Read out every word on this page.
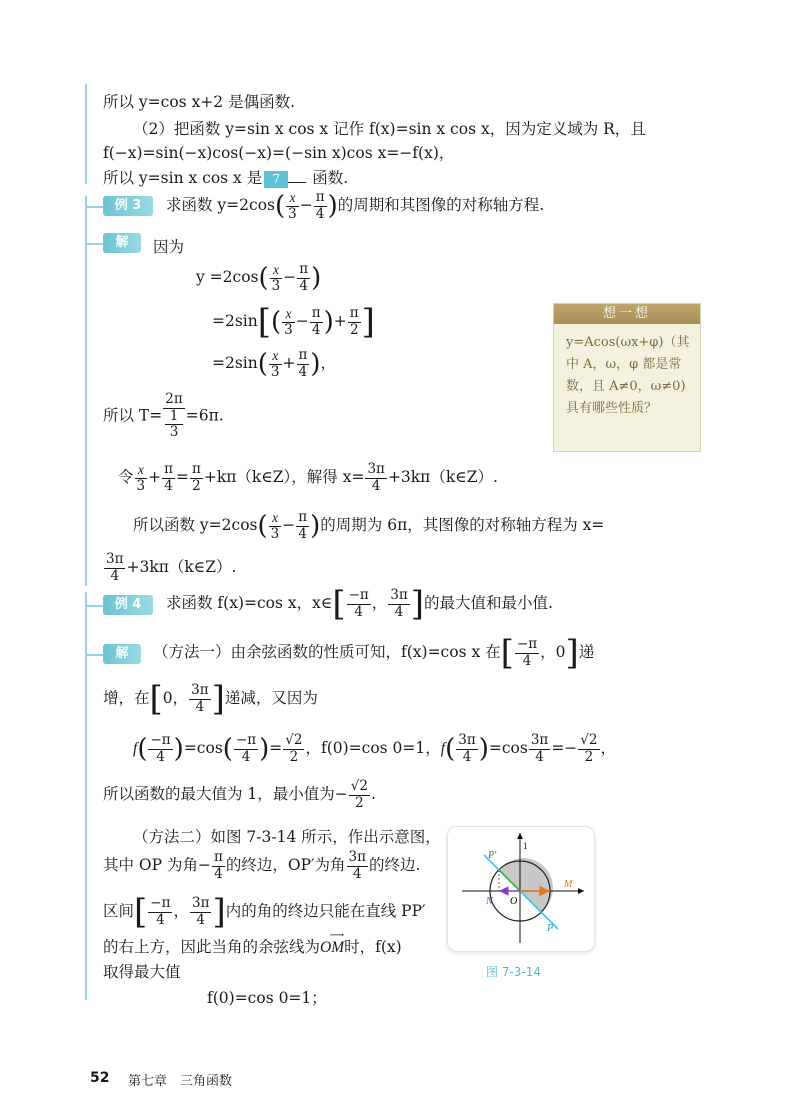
所以 y=cos x+2 是偶函数.
（2）把函数 y=sin x cos x 记作 f(x)=sin x cos x，因为定义域为 R，且
f(−x)=sin(−x)cos(−x)=(−sin x)cos x=−f(x)，
所以 y=sin x cos x 是 7 函数.
例 3	求函数 $y=2\cos( \frac{x}{3} - \frac{\pi}{4}$ )的周期和其图像的对称轴方程.
解	因为
$y =2\cos( \frac{x}{3} - \frac{\pi}{4}$ )
$=2\sin[( \frac{x}{3} - \frac{\pi}{4}$ )+ $\frac{\pi}{2}$ ]
$=2\sin( \frac{x}{3} + \frac{\pi}{4}$ )，
所以 T= 2π
1
3 =6π.
令 $\frac{x}{3} + \frac{\pi}{4} = \frac{\pi}{2}$ +kπ（k∈Z），解得 $x= \frac{3\pi}{4}$ +3kπ（k∈Z）.
所以函数 $y=2\cos( \frac{x}{3} - \frac{\pi}{4}$ )的周期为 6π，其图像的对称轴方程为 x=
$\frac{3\pi}{4}$ +3kπ（k∈Z）.
想一想
y=Acos(ωx+φ)（其中 A，ω，φ 都是常数，且 A≠0，ω≠0)具有哪些性质？
例 4	求函数 f(x)=cos x，x∈[ $\frac{-\pi}{4}$ ， $\frac{3\pi}{4}$ ]的最大值和最小值.
解	（方法一）由余弦函数的性质可知，f(x)=cos x 在[ $\frac{-\pi}{4}$ ，0]递
增，在[0， $\frac{3\pi}{4}$ ]递减，又因为
$f( \frac{-\pi}{4} )=\cos( \frac{-\pi}{4}$ )= $\frac{√2}{2}$ ，f(0)=cos 0=1，$f( \frac{3\pi}{4} )=\cos \frac{3\pi}{4} =- \frac{√2}{2}$ ，
所以函数的最大值为 1，最小值为− $\frac{√2}{2}$ .
（方法二）如图 7-3-14 所示，作出示意图，
其中 OP 为角− $\frac{\pi}{4}$ 的终边，OP′为角 $\frac{3\pi}{4}$ 的终边.
区间[ $\frac{-\pi}{4}$ ， $\frac{3\pi}{4}$ ]内的角的终边只能在直线 PP′
的右上方，因此当角的余弦线为
⟶
OM时，f(x)
取得最大值
f(0)=cos 0=1；
1
P′
P
M
N O
图 7-3-14
52 第七章　三角函数
